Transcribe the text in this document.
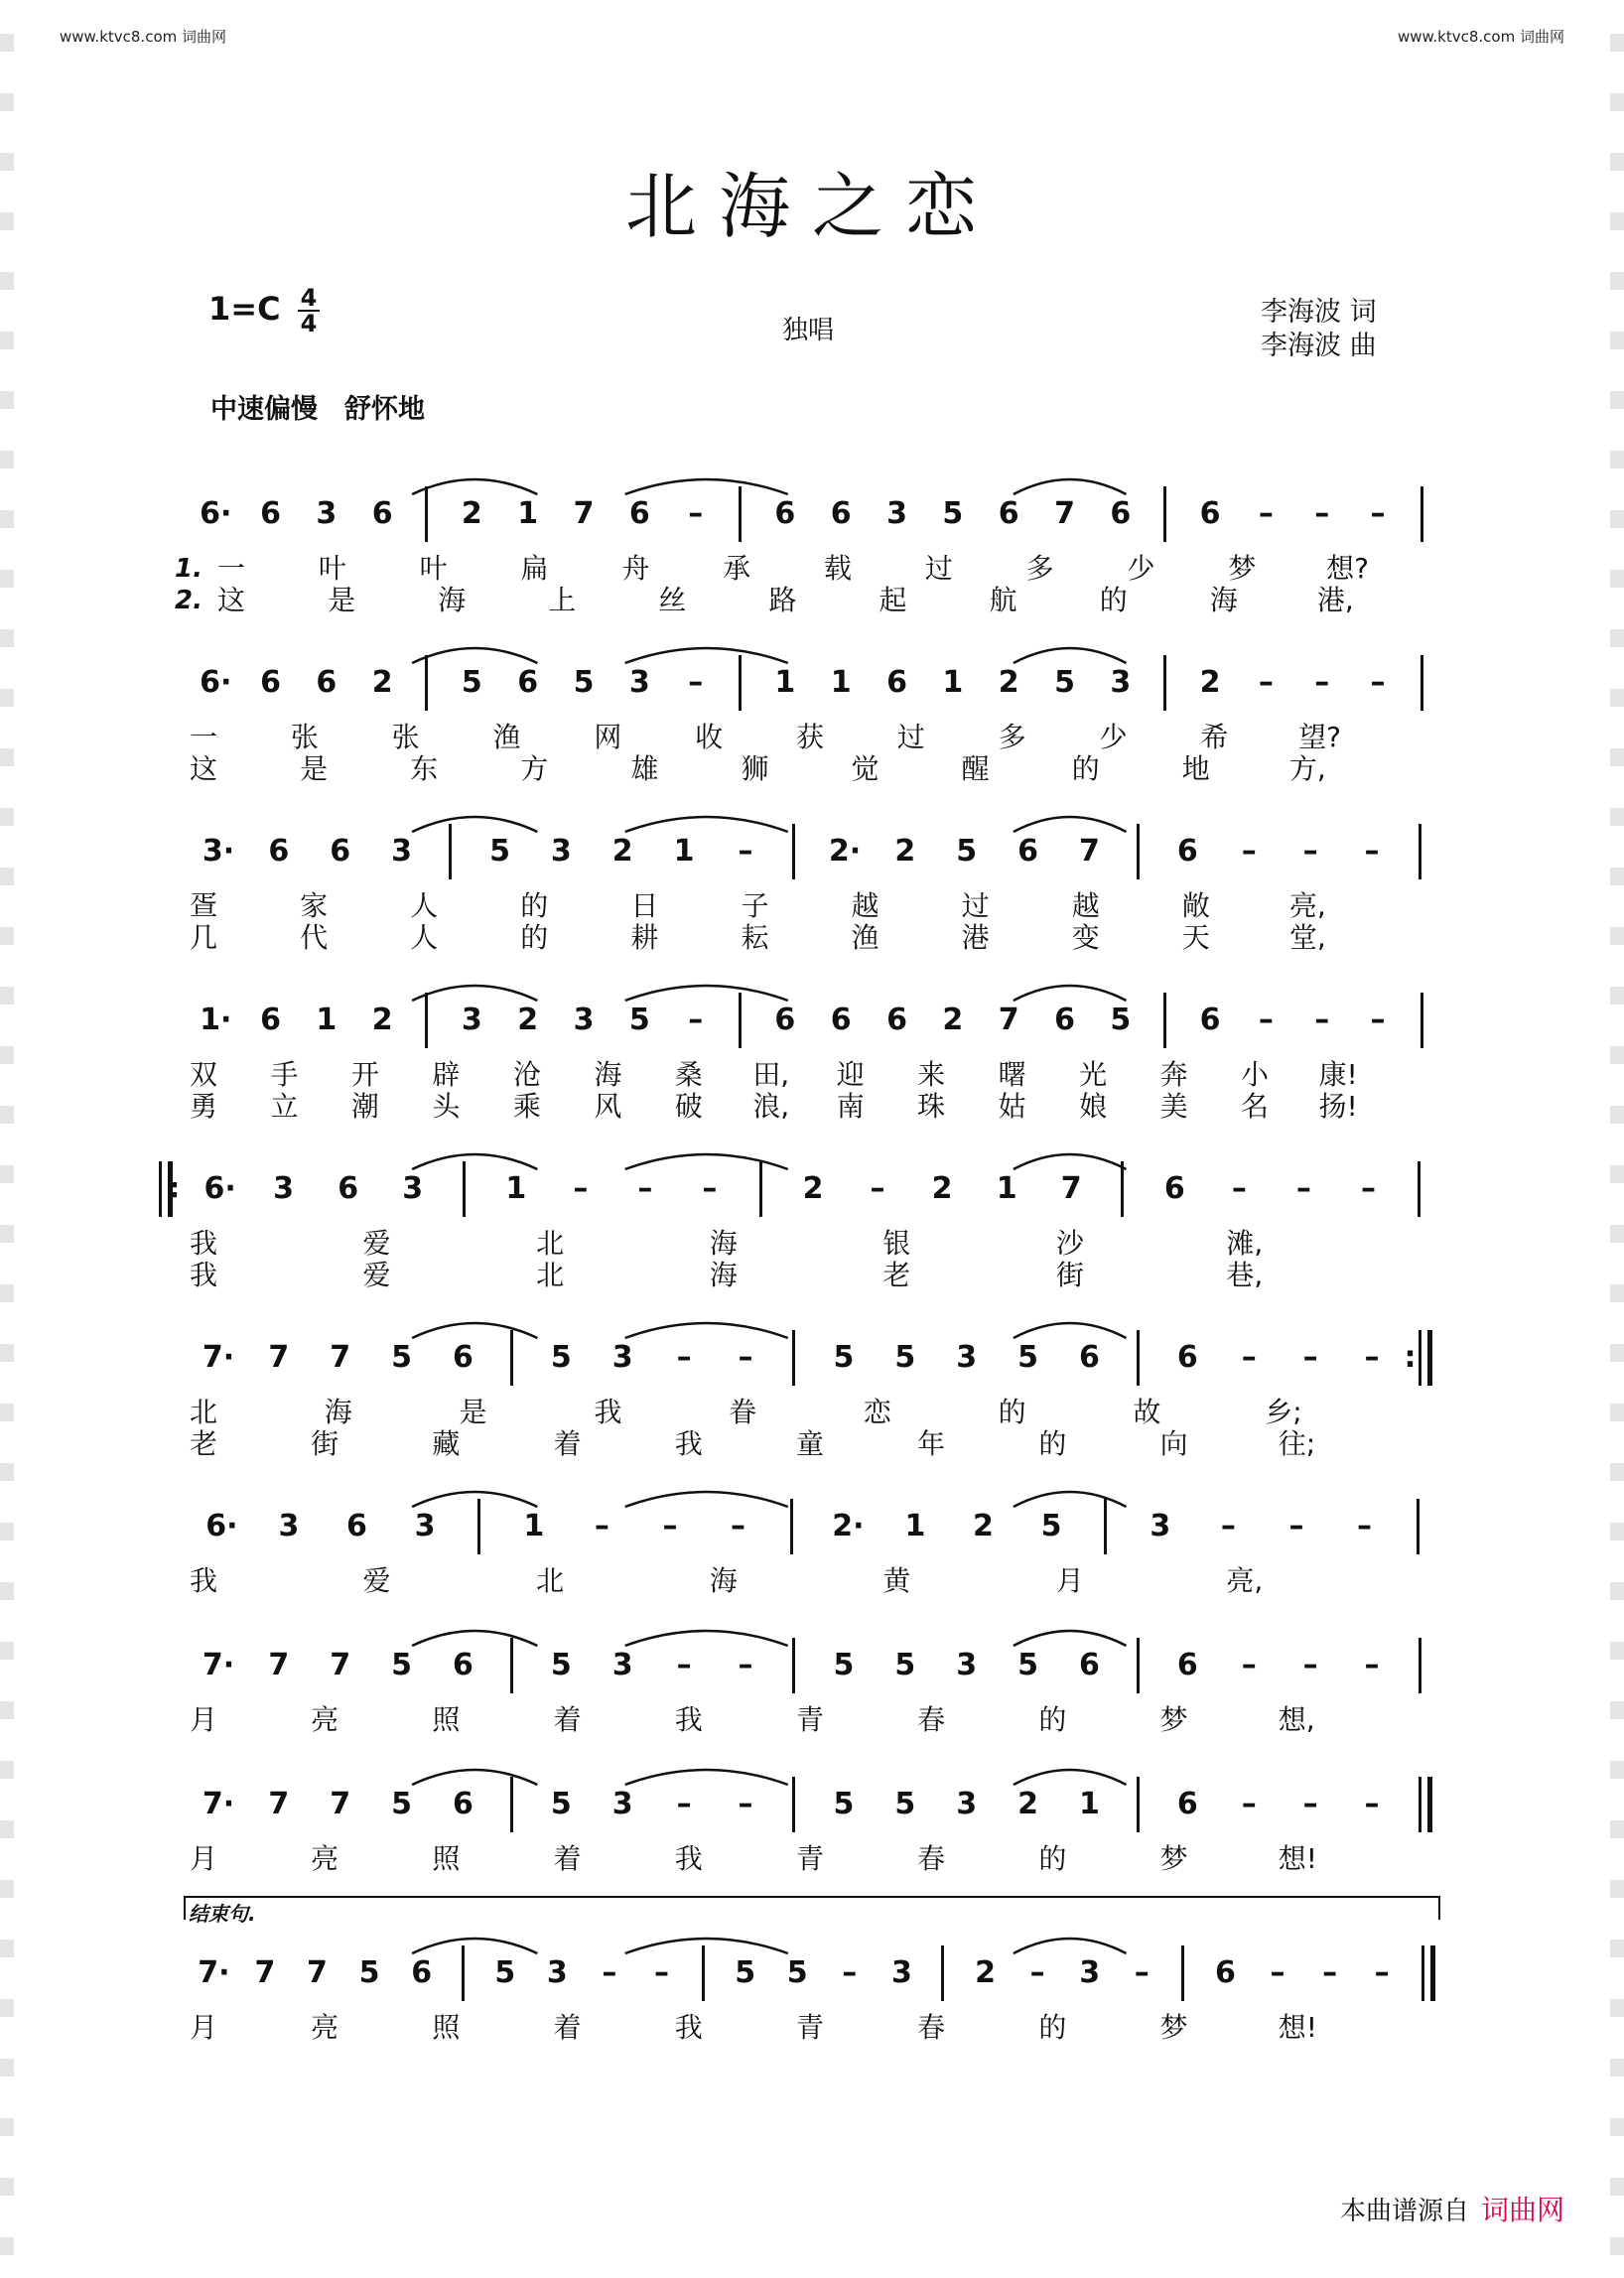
www.ktvc8.com 词曲网	www.ktvc8.com 词曲网
北海之恋
1=C 4
4	独唱
李海波 词
李海波 曲
中速偏慢　舒怀地
6· 6 3 6 2 1 7 6 – 6 6 3 5 6 7 6 6 – – –
一	叶	叶	扁	舟	承	载	过	多	少	梦	想?
1.
这	是	海	上	丝	路	起	航	的	海	港,
2.
6· 6 6 2 5 6 5 3 – 1 1 6 1 2 5 3 2 – – –
一	张	张	渔	网	收	获	过	多	少	希	望?
这	是	东	方	雄	狮	觉	醒	的	地	方,
3· 6 6 3	5 3 2 1 –	2· 2 5 6 7	6 – – –
疍	家	人	的	日	子	越	过	越	敞	亮,
几	代	人	的	耕	耘	渔	港	变	天	堂,
1· 6 1 2 3 2 3 5 – 6 6 6 2 7 6 5 6 – – –
双 手 开 辟 沧 海 桑 田, 迎 来 曙 光 奔 小 康!
勇 立 潮 头 乘 风 破 浪, 南 珠 姑 娘 美 名 扬!
:
6· 3 6 3	1 – – –	2 – 2 1 7	6 – – –
我	爱	北	海	银	沙	滩,
我	爱	北	海	老	街	巷,
7· 7 7 5 6	5 3 – –	5 5 3 5 6	6 – – – :
北	海	是	我	眷	恋	的	故	乡;
老	街	藏	着	我	童	年	的	向	往;
6· 3 6 3	1 – – –	2· 1 2 5	3 – – –
我	爱	北	海	黄	月	亮,
7· 7 7 5 6	5 3 – –	5 5 3 5 6	6 – – –
月	亮	照	着	我	青	春	的	梦	想,
7· 7 7 5 6	5 3 – –	5 5 3 2 1	6 – – –
月	亮	照	着	我	青	春	的	梦	想!
7· 7 7 5 6 5 3 – – 5 5 – 3 2 – 3 – 6 – – –
月	亮	照	着	我	青	春	的	梦	想!
结束句.
本曲谱源自 词曲网
